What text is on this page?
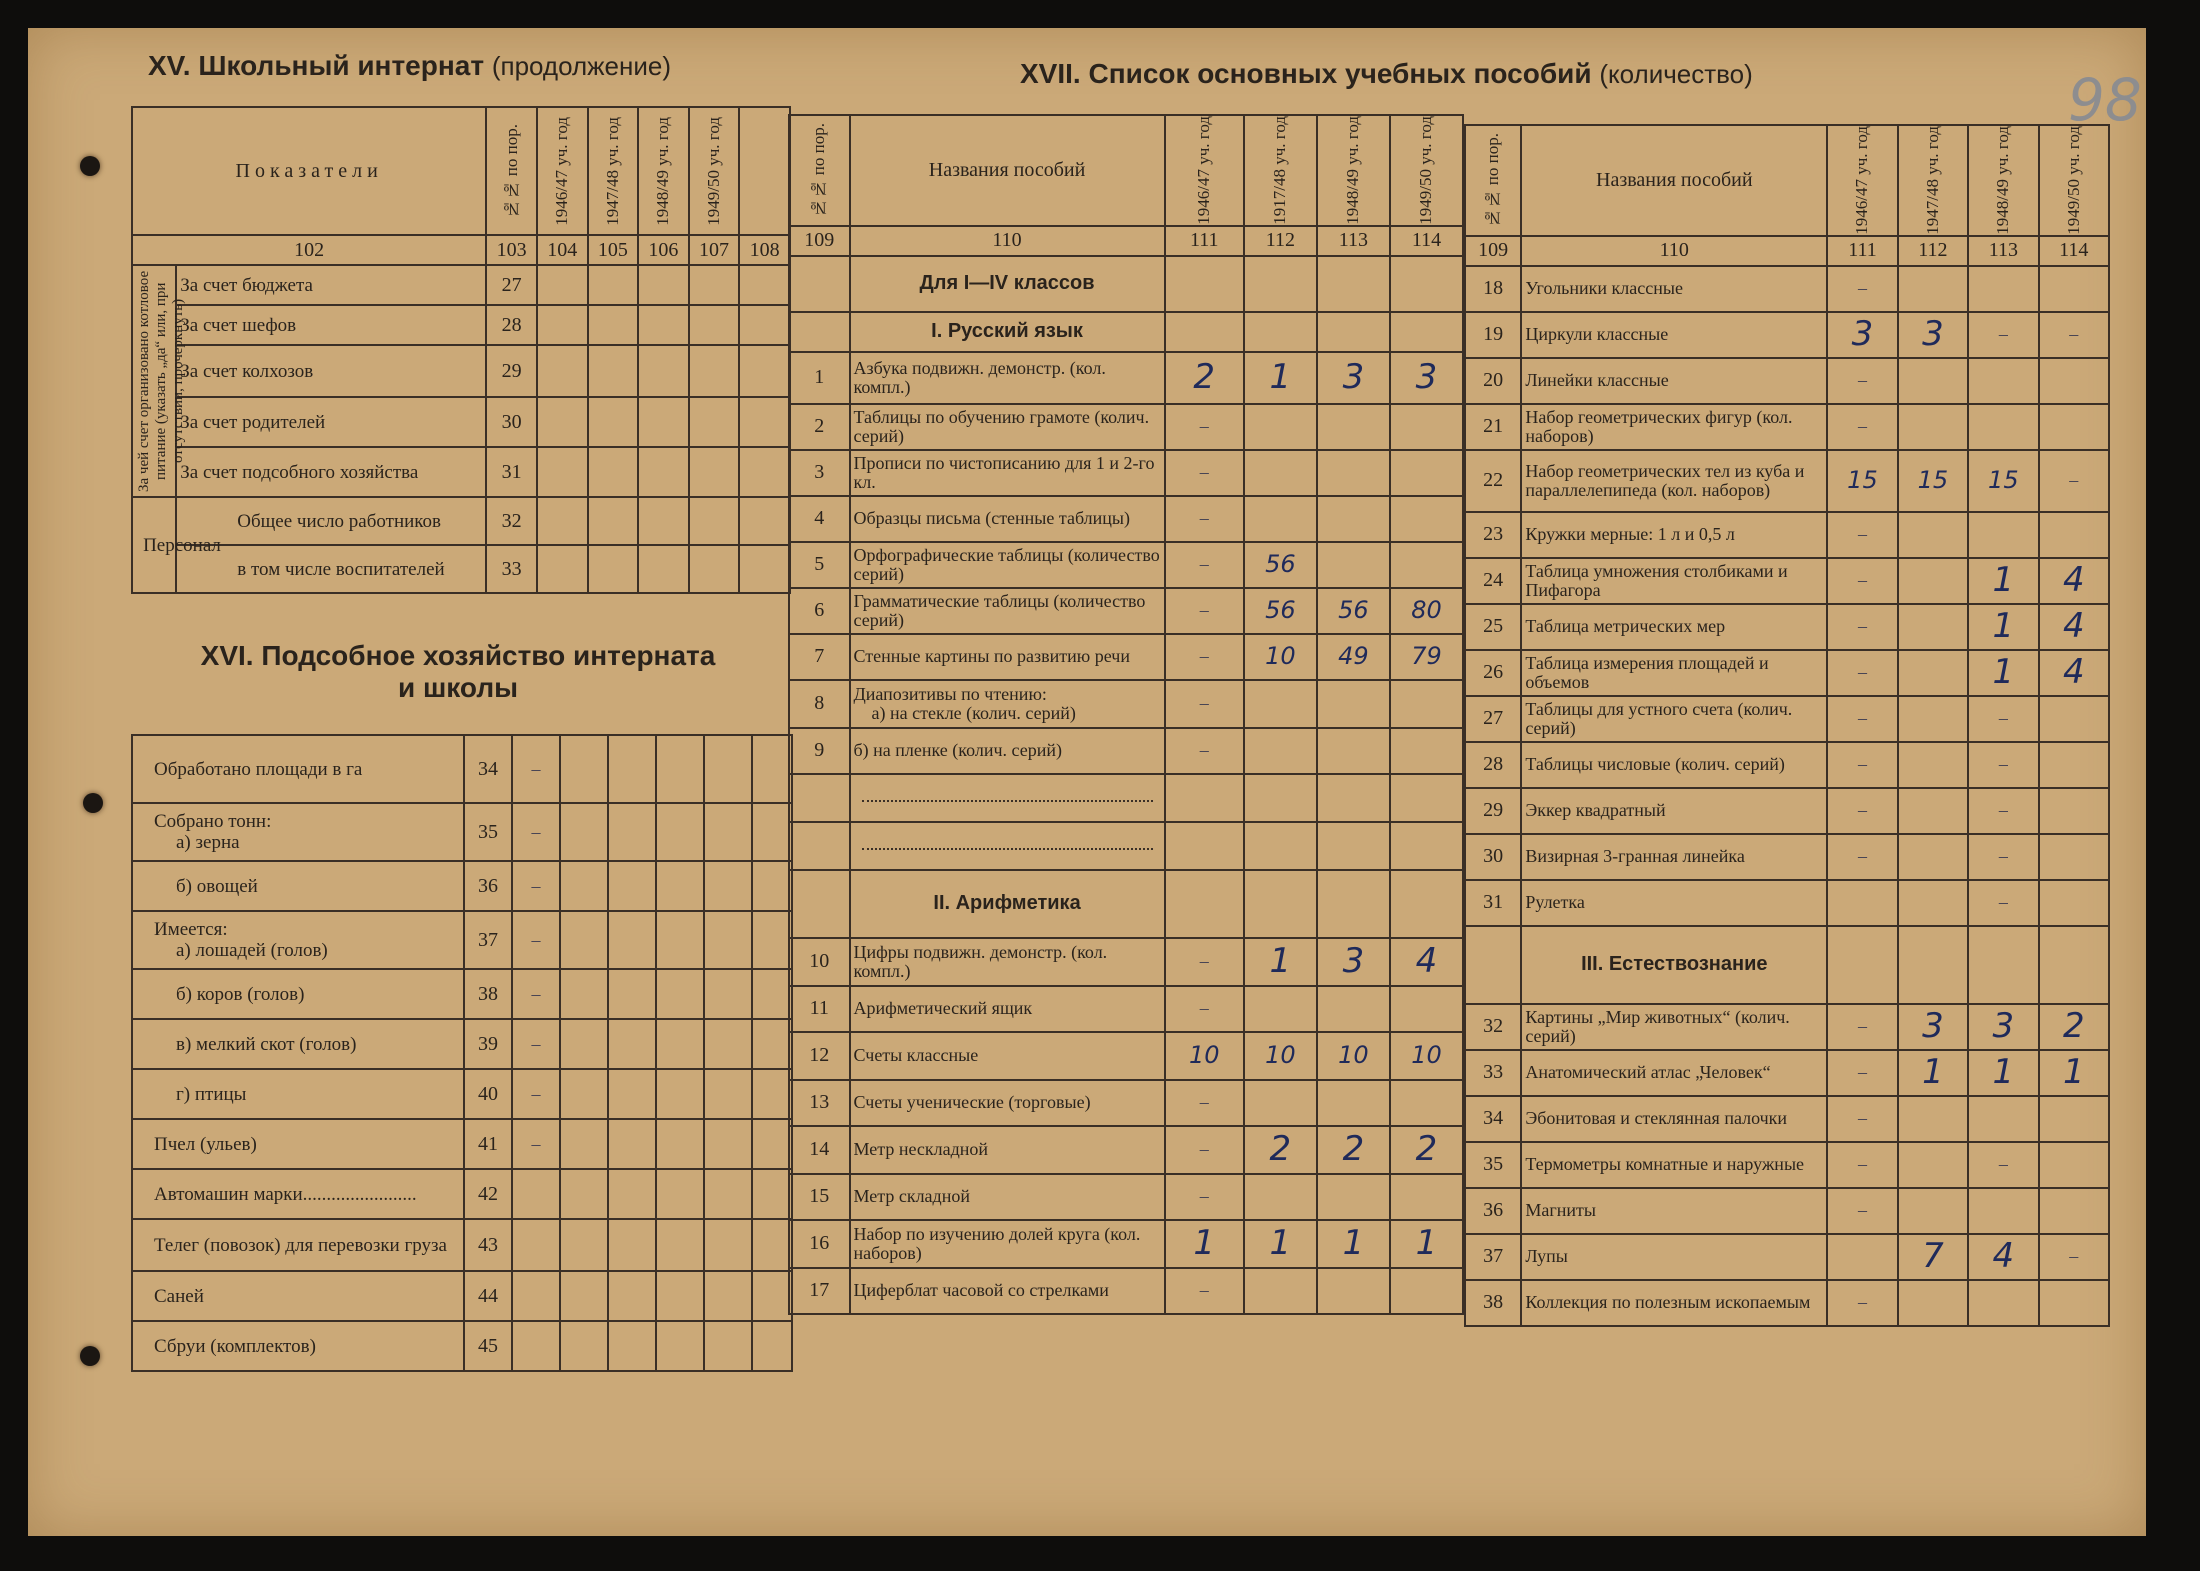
98
XV. Школьный интернат (продолжение)
Показатели		№№ по пор.	1946/47 уч. год	1947/48 уч. год	1948/49 уч. год	1949/50 уч. год	

102		103	104	105	106	107	108

За чей счет организовано котловое питание (указать „да“ или, при отсутствии, прочеркнуть)	За счет бюджета	27					
	За счет шефов	28					
	За счет колхозов	29					
	За счет родителей	30					
	За счет подсобного хозяйства	31					

Персонал	Общее число работников	32					
	в том числе воспитателей	33					
XVI. Подсобное хозяйство интерната
и школы
Обработано площади в га	34	–					

Собрано тонн:
а) зерна	35	–					

б) овощей	36	–					

Имеется:
а) лошадей (голов)	37	–					

б) коров (голов)	38	–					

в) мелкий скот (голов)	39	–					

г) птицы	40	–					

Пчел (ульев)	41	–					

Автомашин марки........................	42						

Телег (повозок) для перевозки груза	43						

Саней	44						

Сбруи (комплектов)	45						
XVII. Список основных учебных пособий (количество)
№№ по пор.	Названия пособий	1946/47 уч. год	1917/48 уч. год	1948/49 уч. год	1949/50 уч. год

109	110	111	112	113	114
	Для I—IV классов				
	I. Русский язык				
1	Азбука подвижн. демонстр. (кол. компл.)	2	1	3	3
2	Таблицы по обучению грамоте (колич. серий)	–			
3	Прописи по чистописанию для 1 и 2-го кл.	–			
4	Образцы письма (стенные таблицы)	–			
5	Орфографические таблицы (количество серий)	–	56		
6	Грамматические таблицы (количество серий)	–	56	56	80
7	Стенные картины по развитию речи	–	10	49	79
8	Диапозитивы по чтению:
а) на стекле (колич. серий)	–			
9	б) на пленке (колич. серий)	–			

	II. Арифметика				
10	Цифры подвижн. демонстр. (кол. компл.)	–	1	3	4
11	Арифметический ящик	–			
12	Счеты классные	10	10	10	10
13	Счеты ученические (торговые)	–			
14	Метр нескладной	–	2	2	2
15	Метр складной	–			
16	Набор по изучению долей круга (кол. наборов)	1	1	1	1
17	Циферблат часовой со стрелками	–			
№№ по пор.	Названия пособий	1946/47 уч. год	1947/48 уч. год	1948/49 уч. год	1949/50 уч. год

109	110	111	112	113	114
18	Угольники классные	–			
19	Циркули классные	3	3	–	–
20	Линейки классные	–			
21	Набор геометрических фигур (кол. наборов)	–			
22	Набор геометрических тел из куба и параллелепипеда (кол. наборов)	15	15	15	–
23	Кружки мерные: 1 л и 0,5 л	–			
24	Таблица умножения столбиками и Пифагора	–		1	4
25	Таблица метрических мер	–		1	4
26	Таблица измерения площадей и объемов	–		1	4
27	Таблицы для устного счета (колич. серий)	–		–	
28	Таблицы числовые (колич. серий)	–		–	
29	Эккер квадратный	–		–	
30	Визирная 3-гранная линейка	–		–	
31	Рулетка			–	
	III. Естествознание				
32	Картины „Мир животных“ (колич. серий)	–	3	3	2
33	Анатомический атлас „Человек“	–	1	1	1
34	Эбонитовая и стеклянная палочки	–			
35	Термометры комнатные и наружные	–		–	
36	Магниты	–			
37	Лупы		7	4	–
38	Коллекция по полезным ископаемым	–			
